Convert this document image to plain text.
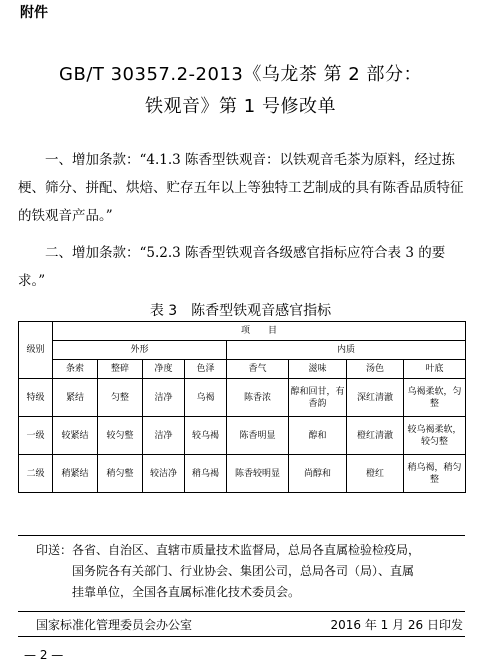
附件
GB/T 30357.2-2013《乌龙茶 第 2 部分：
铁观音》第 1 号修改单
一、增加条款：“4.1.3 陈香型铁观音：以铁观音毛茶为原料，经过拣梗、筛分、拼配、烘焙、贮存五年以上等独特工艺制成的具有陈香品质特征的铁观音产品。”
二、增加条款：“5.2.3 陈香型铁观音各级感官指标应符合表 3 的要求。”
表 3　陈香型铁观音感官指标
级别	项　　目							
	外形				内质			
	条索	整碎	净度	色泽	香气	滋味	汤色	叶底
特级	紧结	匀整	洁净	乌褐	陈香浓	醇和回甘，有香韵	深红清澈	乌褐柔软，匀整
一级	较紧结	较匀整	洁净	较乌褐	陈香明显	醇和	橙红清澈	较乌褐柔软，较匀整
二级	稍紧结	稍匀整	较洁净	稍乌褐	陈香较明显	尚醇和	橙红	稍乌褐，稍匀整
印送：各省、自治区、直辖市质量技术监督局，总局各直属检验检疫局，
国务院各有关部门、行业协会、集团公司，总局各司（局）、直属
挂靠单位，全国各直属标准化技术委员会。
国家标准化管理委员会办公室	2016 年 1 月 26 日印发
— 2 —
